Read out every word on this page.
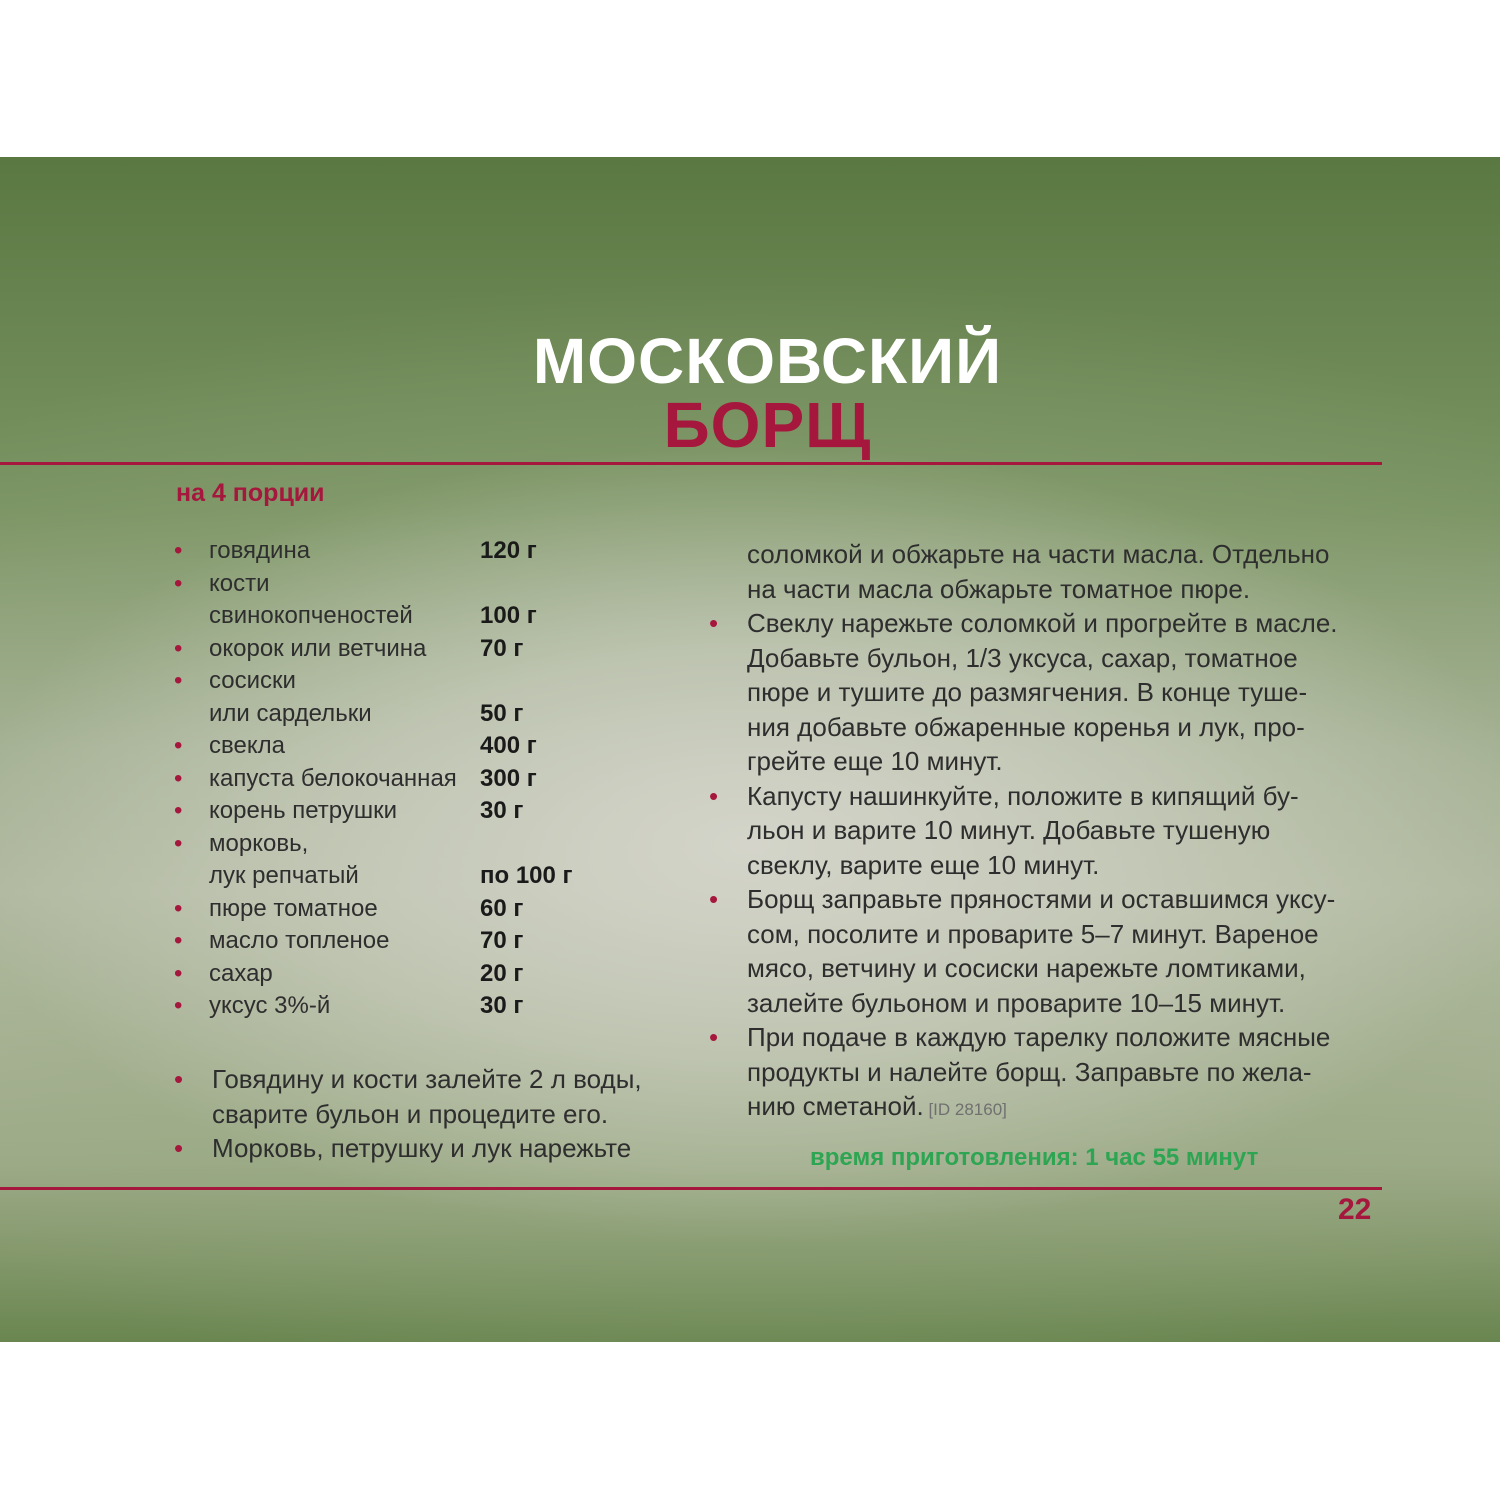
МОСКОВСКИЙ
БОРЩ
на 4 порции
•	говядина	120 г
•	кости
свинокопченостей	100 г
•	окорок или ветчина	70 г
•	сосиски
или сардельки	50 г
•	свекла	400 г
•	капуста белокочанная 300 г
•	корень петрушки	30 г
•	морковь,
лук репчатый	по 100 г
•	пюре томатное	60 г
•	масло топленое	70 г
•	сахар	20 г
•	уксус 3%-й	30 г
•	Говядину и кости залейте 2 л воды,
сварите бульон и процедите его.
•	Морковь, петрушку и лук нарежьте
соломкой и обжарьте на части масла. Отдельно
на части масла обжарьте томатное пюре.
•	Свеклу нарежьте соломкой и прогрейте в масле.
Добавьте бульон, 1/3 уксуса, сахар, томатное
пюре и тушите до размягчения. В конце туше-
ния добавьте обжаренные коренья и лук, про-
грейте еще 10 минут.
•	Капусту нашинкуйте, положите в кипящий бу-
льон и варите 10 минут. Добавьте тушеную
свеклу, варите еще 10 минут.
•	Борщ заправьте пряностями и оставшимся уксу-
сом, посолите и проварите 5–7 минут. Вареное
мясо, ветчину и сосиски нарежьте ломтиками,
залейте бульоном и проварите 10–15 минут.
•	При подаче в каждую тарелку положите мясные
продукты и налейте борщ. Заправьте по жела-
нию сметаной. [ID 28160]
время приготовления: 1 час 55 минут
22
